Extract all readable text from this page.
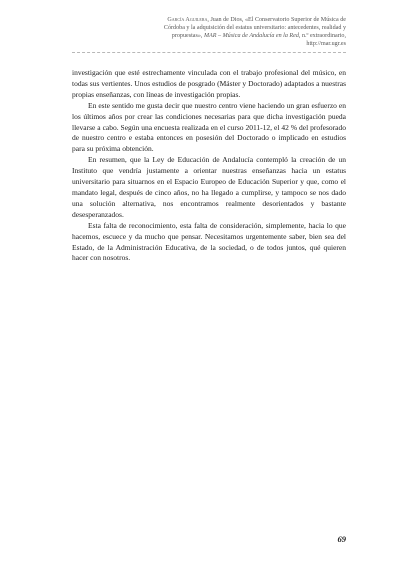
García Aguilera, Juan de Dios, «El Conservatorio Superior de Música de Córdoba y la adquisición del estatus universitario: antecedentes, realidad y propuestas», MAR – Música de Andalucía en la Red, n.º extraordinario, http://mar.ugr.es

investigación que esté estrechamente vinculada con el trabajo profesional del músico, en todas sus vertientes. Unos estudios de posgrado (Máster y Doctorado) adaptados a nuestras propias enseñanzas, con líneas de investigación propias.

En este sentido me gusta decir que nuestro centro viene haciendo un gran esfuerzo en los últimos años por crear las condiciones necesarias para que dicha investigación pueda llevarse a cabo. Según una encuesta realizada en el curso 2011-12, el 42 % del profesorado de nuestro centro e estaba entonces en posesión del Doctorado o implicado en estudios para su próxima obtención.

En resumen, que la Ley de Educación de Andalucía contempló la creación de un Instituto que vendría justamente a orientar nuestras enseñanzas hacia un estatus universitario para situarnos en el Espacio Europeo de Educación Superior y que, como el mandato legal, después de cinco años, no ha llegado a cumplirse, y tampoco se nos dado una solución alternativa, nos encontramos realmente desorientados y bastante desesperanzados.

Esta falta de reconocimiento, esta falta de consideración, simplemente, hacia lo que hacemos, escuece y da mucho que pensar. Necesitamos urgentemente saber, bien sea del Estado, de la Administración Educativa, de la sociedad, o de todos juntos, qué quieren hacer con nosotros.

69
